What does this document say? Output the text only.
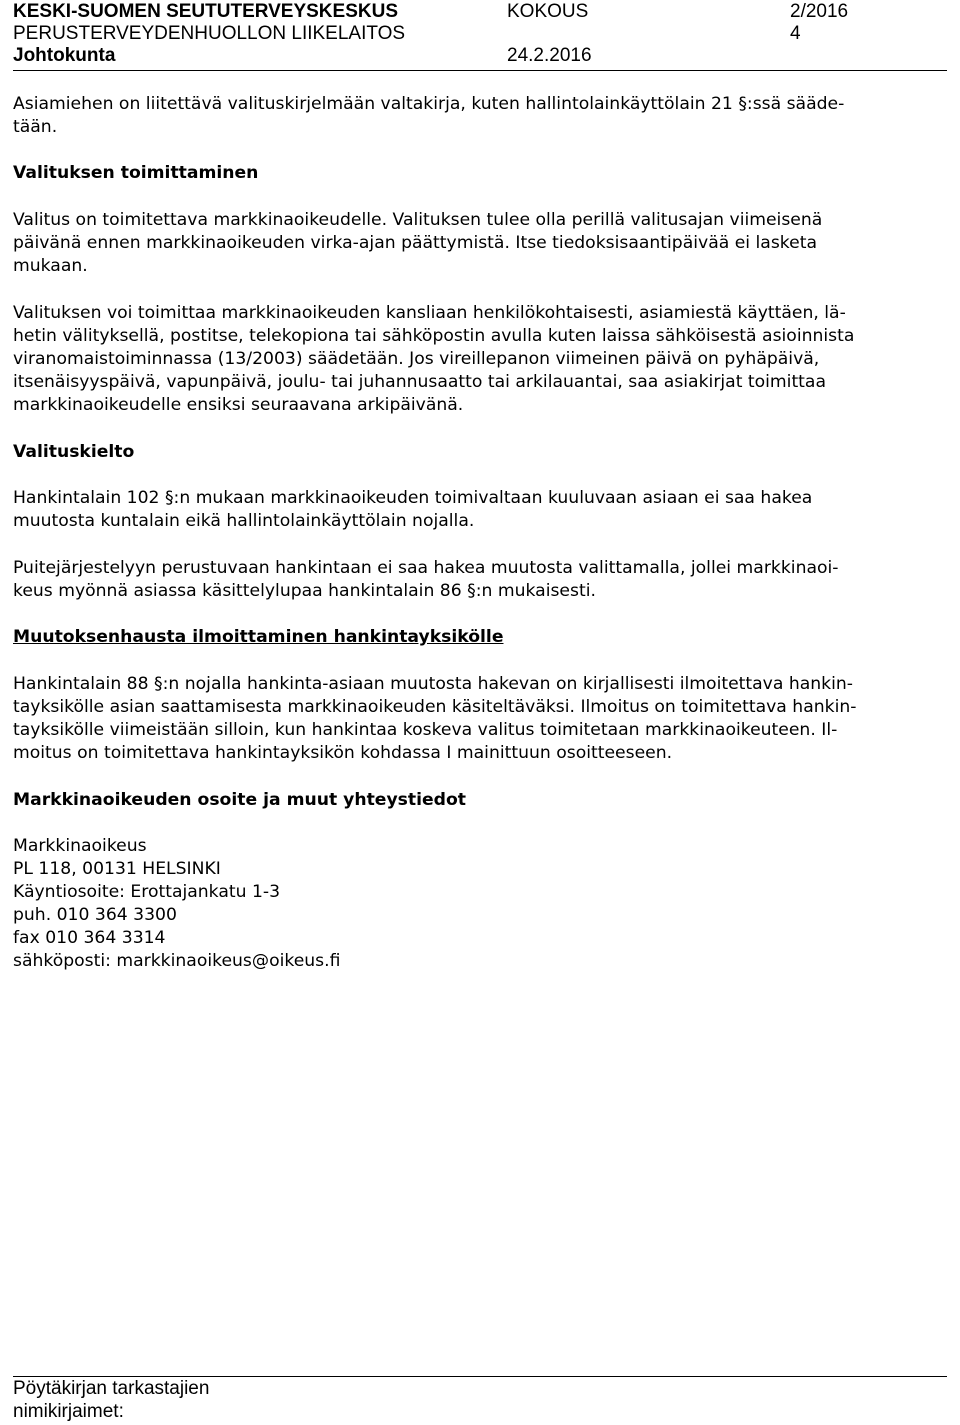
KESKI-SUOMEN SEUTUTERVEYSKESKUS	KOKOUS	2/2016
PERUSTERVEYDENHUOLLON LIIKELAITOS	4
Johtokunta	24.2.2016
Asiamiehen on liitettävä valituskirjelmään valtakirja, kuten hallintolainkäyttölain 21 §:ssä sääde-
tään.
Valituksen toimittaminen
Valitus on toimitettava markkinaoikeudelle. Valituksen tulee olla perillä valitusajan viimeisenä
päivänä ennen markkinaoikeuden virka-ajan päättymistä. Itse tiedoksisaantipäivää ei lasketa
mukaan.
Valituksen voi toimittaa markkinaoikeuden kansliaan henkilökohtaisesti, asiamiestä käyttäen, lä-
hetin välityksellä, postitse, telekopiona tai sähköpostin avulla kuten laissa sähköisestä asioinnista
viranomaistoiminnassa (13/2003) säädetään. Jos vireillepanon viimeinen päivä on pyhäpäivä,
itsenäisyyspäivä, vapunpäivä, joulu- tai juhannusaatto tai arkilauantai, saa asiakirjat toimittaa
markkinaoikeudelle ensiksi seuraavana arkipäivänä.
Valituskielto
Hankintalain 102 §:n mukaan markkinaoikeuden toimivaltaan kuuluvaan asiaan ei saa hakea
muutosta kuntalain eikä hallintolainkäyttölain nojalla.
Puitejärjestelyyn perustuvaan hankintaan ei saa hakea muutosta valittamalla, jollei markkinaoi-
keus myönnä asiassa käsittelylupaa hankintalain 86 §:n mukaisesti.
Muutoksenhausta ilmoittaminen hankintayksikölle
Hankintalain 88 §:n nojalla hankinta-asiaan muutosta hakevan on kirjallisesti ilmoitettava hankin-
tayksikölle asian saattamisesta markkinaoikeuden käsiteltäväksi. Ilmoitus on toimitettava hankin-
tayksikölle viimeistään silloin, kun hankintaa koskeva valitus toimitetaan markkinaoikeuteen. Il-
moitus on toimitettava hankintayksikön kohdassa I mainittuun osoitteeseen.
Markkinaoikeuden osoite ja muut yhteystiedot
Markkinaoikeus
PL 118, 00131 HELSINKI
Käyntiosoite: Erottajankatu 1-3
puh. 010 364 3300
fax 010 364 3314
sähköposti: markkinaoikeus@oikeus.fi
Pöytäkirjan tarkastajien
nimikirjaimet:
